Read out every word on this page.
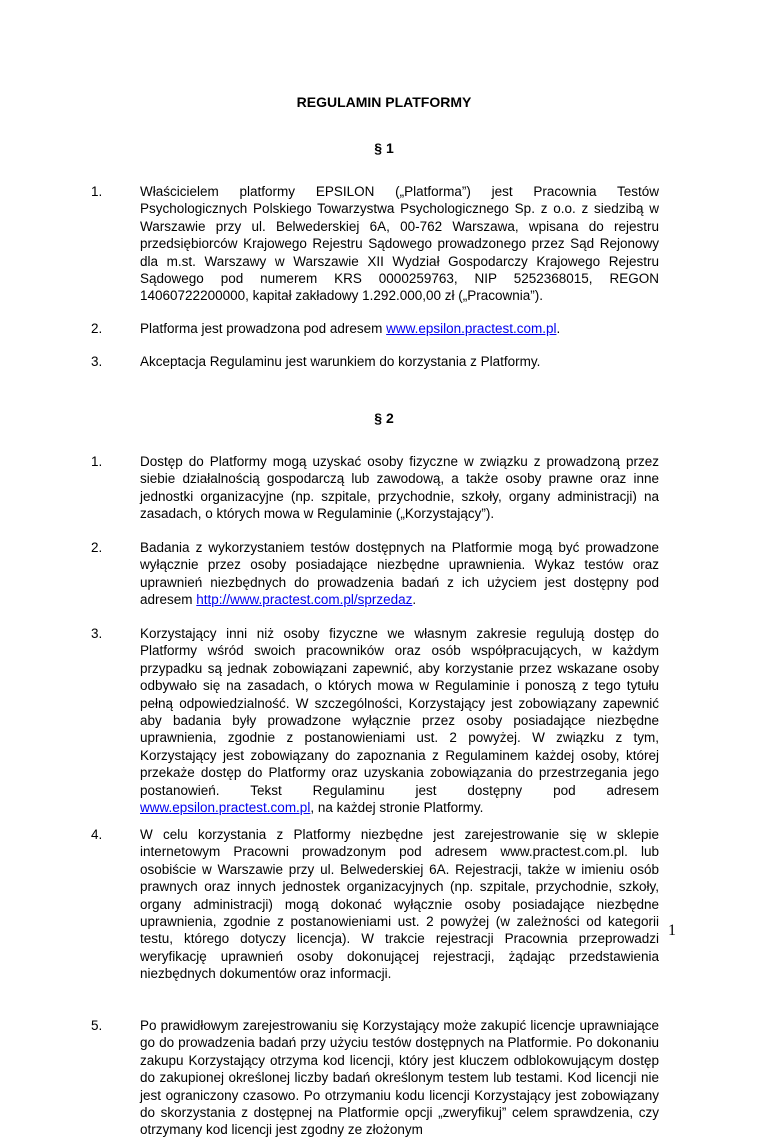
REGULAMIN PLATFORMY
§ 1
1.	Właścicielem platformy EPSILON („Platforma”) jest Pracownia Testów Psychologicznych Polskiego Towarzystwa Psychologicznego Sp. z o.o. z siedzibą w Warszawie przy ul. Belwederskiej 6A, 00-762 Warszawa, wpisana do rejestru przedsiębiorców Krajowego Rejestru Sądowego prowadzonego przez Sąd Rejonowy dla m.st. Warszawy w Warszawie XII Wydział Gospodarczy Krajowego Rejestru Sądowego pod numerem KRS 0000259763, NIP 5252368015, REGON 14060722200000, kapitał zakładowy 1.292.000,00 zł („Pracownia”).
2.	Platforma jest prowadzona pod adresem www.epsilon.practest.com.pl.
3.	Akceptacja Regulaminu jest warunkiem do korzystania z Platformy.
§ 2
1.	Dostęp do Platformy mogą uzyskać osoby fizyczne w związku z prowadzoną przez siebie działalnością gospodarczą lub zawodową, a także osoby prawne oraz inne jednostki organizacyjne (np. szpitale, przychodnie, szkoły, organy administracji) na zasadach, o których mowa w Regulaminie („Korzystający”).
2.	Badania z wykorzystaniem testów dostępnych na Platformie mogą być prowadzone wyłącznie przez osoby posiadające niezbędne uprawnienia. Wykaz testów oraz uprawnień niezbędnych do prowadzenia badań z ich użyciem jest dostępny pod adresem http://www.practest.com.pl/sprzedaz.
3.	Korzystający inni niż osoby fizyczne we własnym zakresie regulują dostęp do Platformy wśród swoich pracowników oraz osób współpracujących, w każdym przypadku są jednak zobowiązani zapewnić, aby korzystanie przez wskazane osoby odbywało się na zasadach, o których mowa w Regulaminie i ponoszą z tego tytułu pełną odpowiedzialność. W szczególności, Korzystający jest zobowiązany zapewnić aby badania były prowadzone wyłącznie przez osoby posiadające niezbędne uprawnienia, zgodnie z postanowieniami ust. 2 powyżej. W związku z tym, Korzystający jest zobowiązany do zapoznania z Regulaminem każdej osoby, której przekaże dostęp do Platformy oraz uzyskania zobowiązania do przestrzegania jego postanowień. Tekst Regulaminu jest dostępny pod adresem www.epsilon.practest.com.pl, na każdej stronie Platformy.
4.	W celu korzystania z Platformy niezbędne jest zarejestrowanie się w sklepie internetowym Pracowni prowadzonym pod adresem www.practest.com.pl. lub osobiście w Warszawie przy ul. Belwederskiej 6A. Rejestracji, także w imieniu osób prawnych oraz innych jednostek organizacyjnych (np. szpitale, przychodnie, szkoły, organy administracji) mogą dokonać wyłącznie osoby posiadające niezbędne uprawnienia, zgodnie z postanowieniami ust. 2 powyżej (w zależności od kategorii testu, którego dotyczy licencja). W trakcie rejestracji Pracownia przeprowadzi weryfikację uprawnień osoby dokonującej rejestracji, żądając przedstawienia niezbędnych dokumentów oraz informacji.
5.	Po prawidłowym zarejestrowaniu się Korzystający może zakupić licencje uprawniające go do prowadzenia badań przy użyciu testów dostępnych na Platformie. Po dokonaniu zakupu Korzystający otrzyma kod licencji, który jest kluczem odblokowującym dostęp do zakupionej określonej liczby badań określonym testem lub testami. Kod licencji nie jest ograniczony czasowo. Po otrzymaniu kodu licencji Korzystający jest zobowiązany do skorzystania z dostępnej na Platformie opcji „zweryfikuj” celem sprawdzenia, czy otrzymany kod licencji jest zgodny ze złożonym
1
